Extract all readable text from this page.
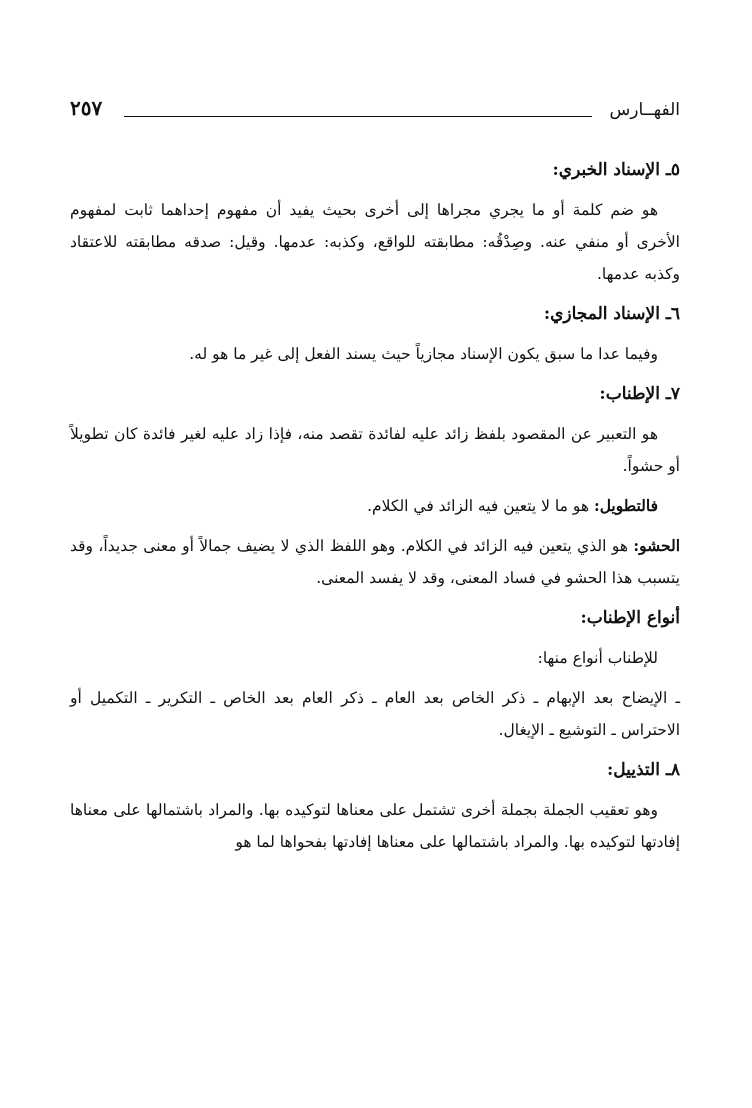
الفهــارس
٢٥٧
٥ـ الإسناد الخبري:

هو ضم كلمة أو ما يجري مجراها إلى أخرى بحيث يفيد أن مفهوم إحداهما ثابت لمفهوم الأخرى أو منفي عنه. وصِدْقُه: مطابقته للواقع، وكذبه: عدمها. وقيل: صدقه مطابقته للاعتقاد وكذبه عدمها.

٦ـ الإسناد المجازي:

وفيما عدا ما سبق يكون الإسناد مجازياً حيث يسند الفعل إلى غير ما هو له.

٧ـ الإطناب:

هو التعبير عن المقصود بلفظ زائد عليه لفائدة تقصد منه، فإذا زاد عليه لغير فائدة كان تطويلاً أو حشواً.

فالتطويل: هو ما لا يتعين فيه الزائد في الكلام.

الحشو: هو الذي يتعين فيه الزائد في الكلام. وهو اللفظ الذي لا يضيف جمالاً أو معنى جديداً، وقد يتسبب هذا الحشو في فساد المعنى، وقد لا يفسد المعنى.

أنواع الإطناب:

للإطناب أنواع منها:

ـ الإيضاح بعد الإبهام ـ ذكر الخاص بعد العام ـ ذكر العام بعد الخاص ـ التكرير ـ التكميل أو الاحتراس ـ التوشيع ـ الإيغال.

٨ـ التذييل:

وهو تعقيب الجملة بجملة أخرى تشتمل على معناها لتوكيده بها. والمراد باشتمالها على معناها إفادتها لتوكيده بها. والمراد باشتمالها على معناها إفادتها بفحواها لما هو
